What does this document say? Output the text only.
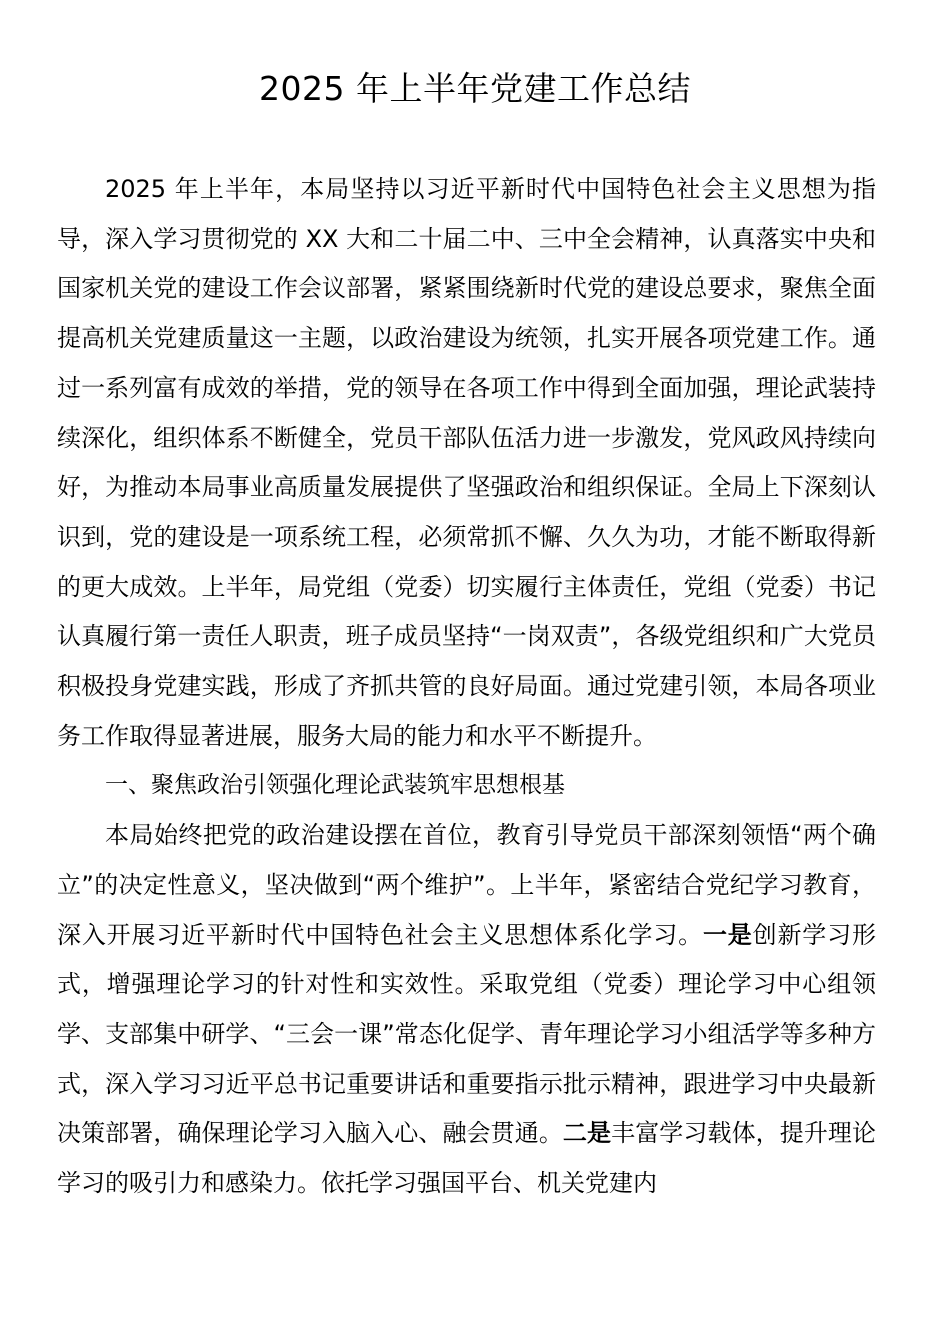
2025 年上半年党建工作总结

2025 年上半年，本局坚持以习近平新时代中国特色社会主义思想为指导，深入学习贯彻党的 XX 大和二十届二中、三中全会精神，认真落实中央和国家机关党的建设工作会议部署，紧紧围绕新时代党的建设总要求，聚焦全面提高机关党建质量这一主题，以政治建设为统领，扎实开展各项党建工作。通过一系列富有成效的举措，党的领导在各项工作中得到全面加强，理论武装持续深化，组织体系不断健全，党员干部队伍活力进一步激发，党风政风持续向好，为推动本局事业高质量发展提供了坚强政治和组织保证。全局上下深刻认识到，党的建设是一项系统工程，必须常抓不懈、久久为功，才能不断取得新的更大成效。上半年，局党组（党委）切实履行主体责任，党组（党委）书记认真履行第一责任人职责，班子成员坚持“一岗双责”，各级党组织和广大党员积极投身党建实践，形成了齐抓共管的良好局面。通过党建引领，本局各项业务工作取得显著进展，服务大局的能力和水平不断提升。

一、聚焦政治引领强化理论武装筑牢思想根基

本局始终把党的政治建设摆在首位，教育引导党员干部深刻领悟“两个确立”的决定性意义，坚决做到“两个维护”。上半年，紧密结合党纪学习教育，深入开展习近平新时代中国特色社会主义思想体系化学习。一是创新学习形式，增强理论学习的针对性和实效性。采取党组（党委）理论学习中心组领学、支部集中研学、“三会一课”常态化促学、青年理论学习小组活学等多种方式，深入学习习近平总书记重要讲话和重要指示批示精神，跟进学习中央最新决策部署，确保理论学习入脑入心、融会贯通。二是丰富学习载体，提升理论学习的吸引力和感染力。依托学习强国平台、机关党建内
